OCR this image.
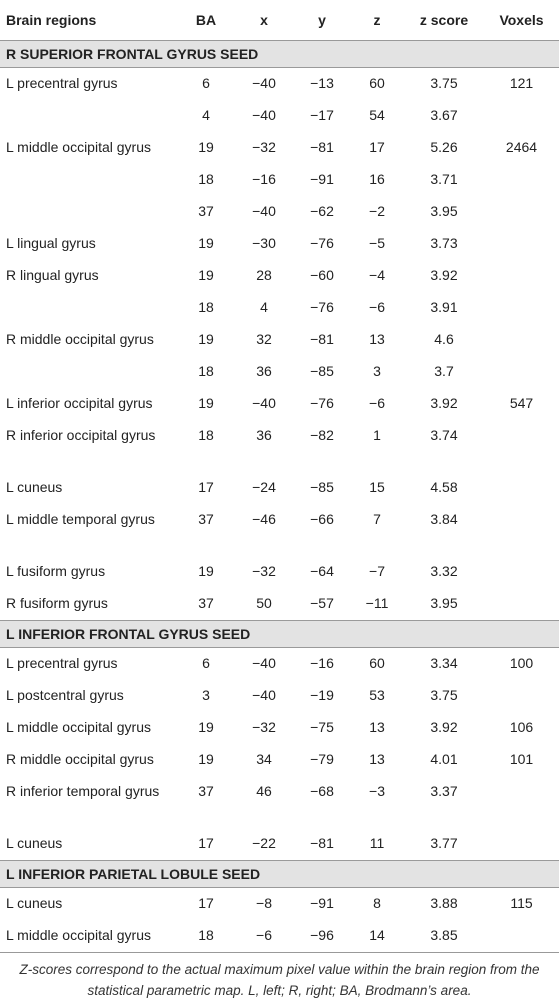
Brain regions	BA	x	y	z	z score	Voxels
R SUPERIOR FRONTAL GYRUS SEED						
L precentral gyrus	6	−40	−13	60	3.75	121
	4	−40	−17	54	3.67	
L middle occipital gyrus	19	−32	−81	17	5.26	2464
	18	−16	−91	16	3.71	
	37	−40	−62	−2	3.95	
L lingual gyrus	19	−30	−76	−5	3.73	
R lingual gyrus	19	28	−60	−4	3.92	
	18	4	−76	−6	3.91	
R middle occipital gyrus	19	32	−81	13	4.6	
	18	36	−85	3	3.7	
L inferior occipital gyrus	19	−40	−76	−6	3.92	547
R inferior occipital gyrus	18	36	−82	1	3.74	
L cuneus	17	−24	−85	15	4.58	
L middle temporal gyrus	37	−46	−66	7	3.84	
L fusiform gyrus	19	−32	−64	−7	3.32	
R fusiform gyrus	37	50	−57	−11	3.95	
L INFERIOR FRONTAL GYRUS SEED						
L precentral gyrus	6	−40	−16	60	3.34	100
L postcentral gyrus	3	−40	−19	53	3.75	
L middle occipital gyrus	19	−32	−75	13	3.92	106
R middle occipital gyrus	19	34	−79	13	4.01	101
R inferior temporal gyrus	37	46	−68	−3	3.37	
L cuneus	17	−22	−81	11	3.77	
L INFERIOR PARIETAL LOBULE SEED						
L cuneus	17	−8	−91	8	3.88	115
L middle occipital gyrus	18	−6	−96	14	3.85	
Z-scores correspond to the actual maximum pixel value within the brain region from the statistical parametric map. L, left; R, right; BA, Brodmann’s area.
